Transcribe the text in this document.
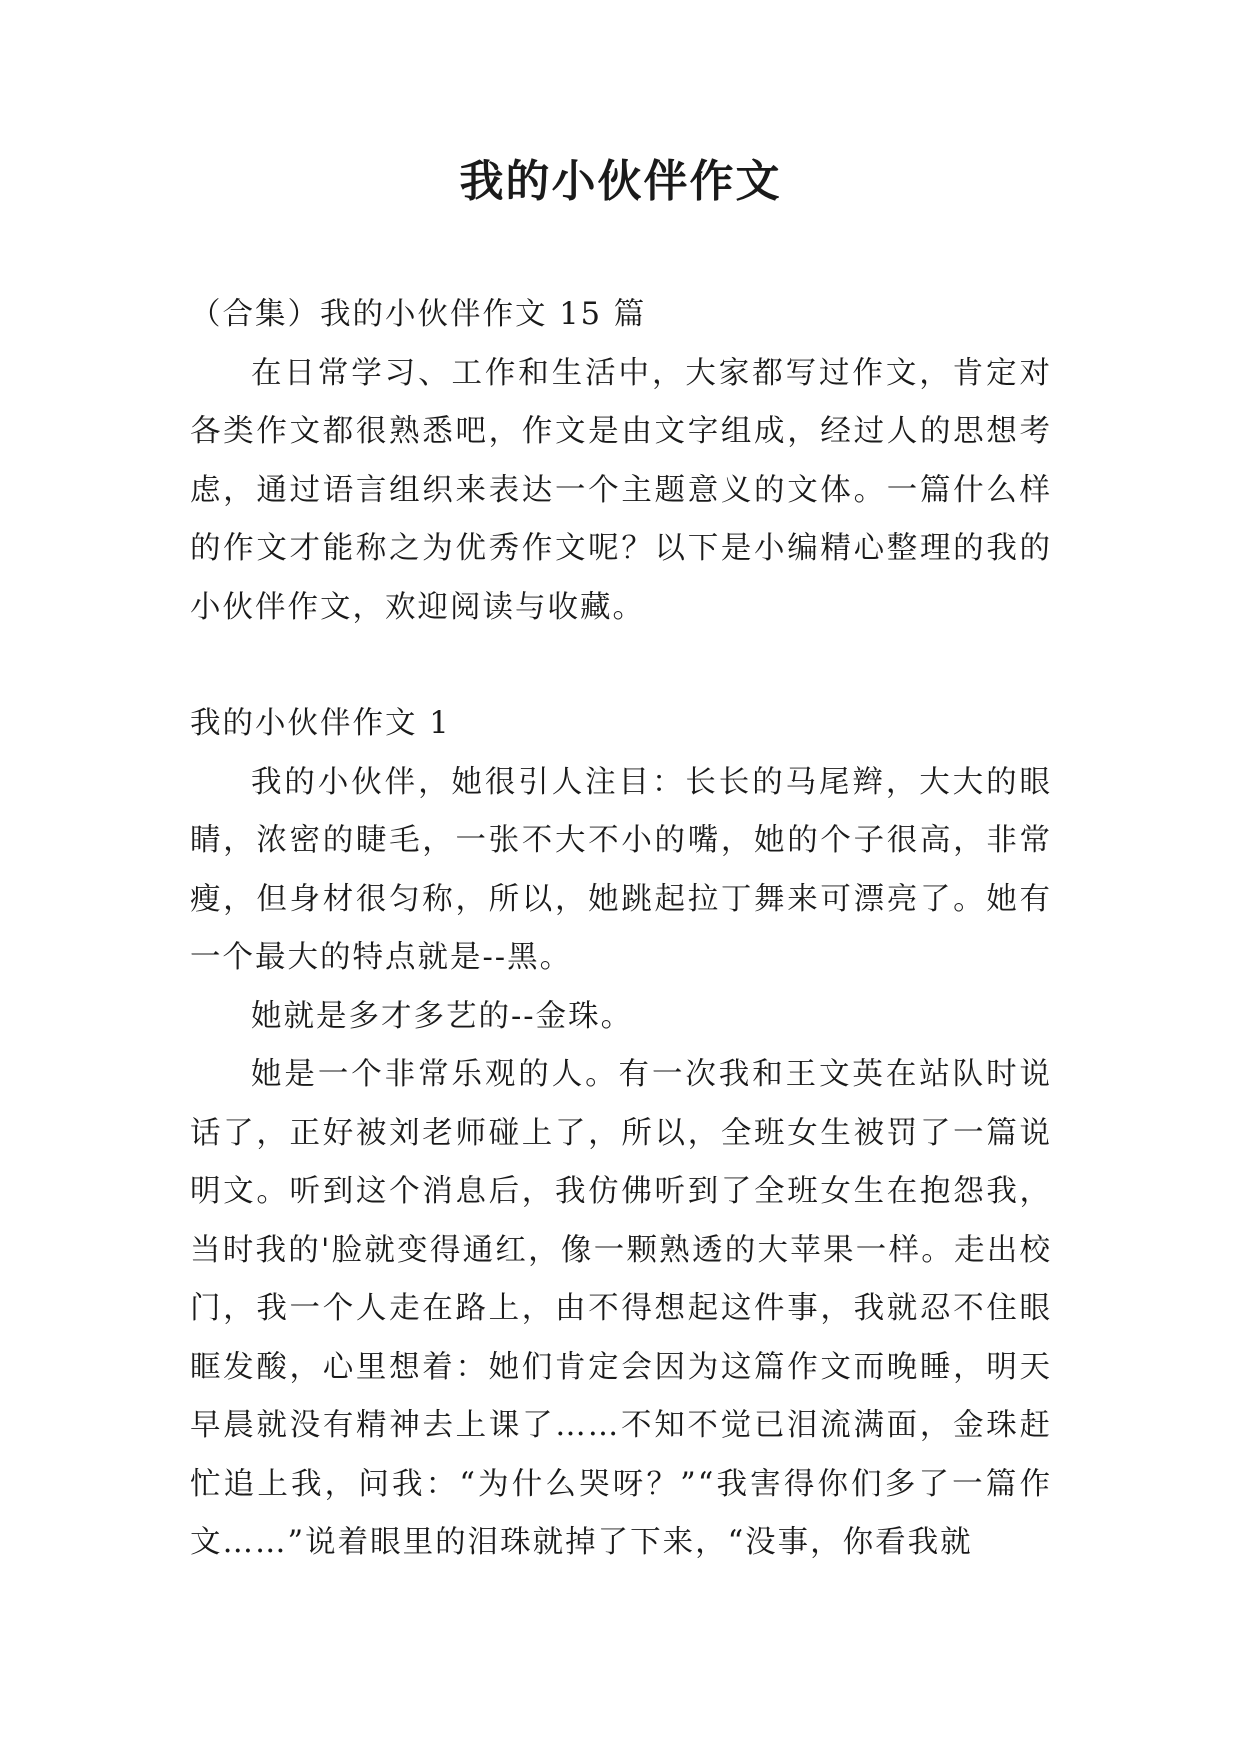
我的小伙伴作文

（合集）我的小伙伴作文 15 篇

在日常学习、工作和生活中，大家都写过作文，肯定对各类作文都很熟悉吧，作文是由文字组成，经过人的思想考虑，通过语言组织来表达一个主题意义的文体。一篇什么样的作文才能称之为优秀作文呢？以下是小编精心整理的我的小伙伴作文，欢迎阅读与收藏。

我的小伙伴作文 1

我的小伙伴，她很引人注目：长长的马尾辫，大大的眼睛，浓密的睫毛，一张不大不小的嘴，她的个子很高，非常瘦，但身材很匀称，所以，她跳起拉丁舞来可漂亮了。她有一个最大的特点就是--黑。

她就是多才多艺的--金珠。

她是一个非常乐观的人。有一次我和王文英在站队时说话了，正好被刘老师碰上了，所以，全班女生被罚了一篇说明文。听到这个消息后，我仿佛听到了全班女生在抱怨我，当时我的'脸就变得通红，像一颗熟透的大苹果一样。走出校门，我一个人走在路上，由不得想起这件事，我就忍不住眼眶发酸，心里想着：她们肯定会因为这篇作文而晚睡，明天早晨就没有精神去上课了……不知不觉已泪流满面，金珠赶忙追上我，问我：“为什么哭呀？”“我害得你们多了一篇作文……”说着眼里的泪珠就掉了下来，“没事，你看我就
